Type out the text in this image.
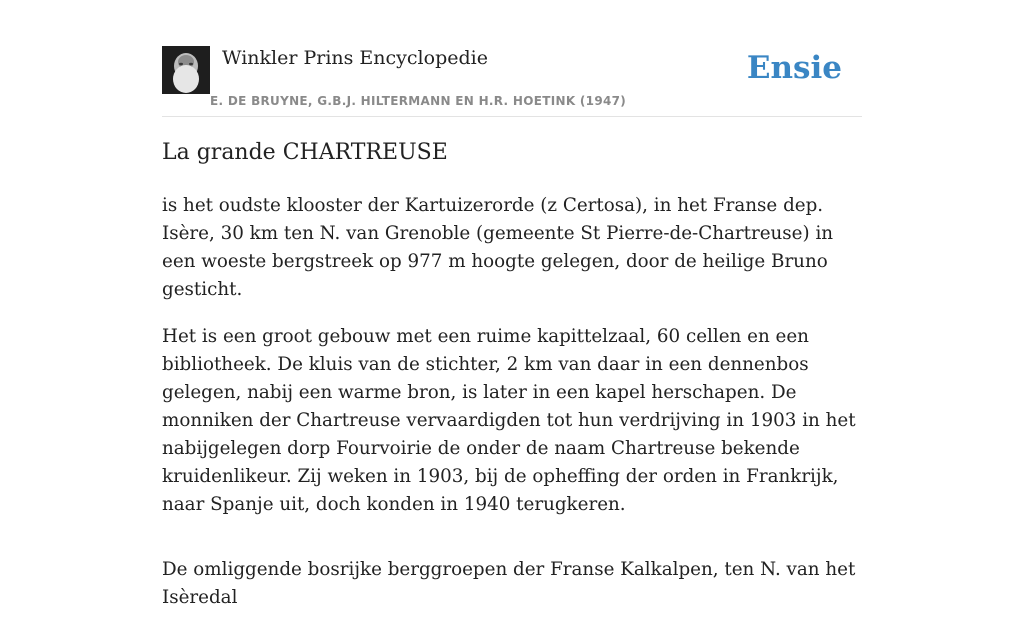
Winkler Prins Encyclopedie
E. DE BRUYNE, G.B.J. HILTERMANN EN H.R. HOETINK (1947)
Ensie
La grande CHARTREUSE

is het oudste klooster der Kartuizerorde (z Certosa), in het Franse dep. Isère, 30 km ten N. van Grenoble (gemeente St Pierre-de-Chartreuse) in een woeste bergstreek op 977 m hoogte gelegen, door de heilige Bruno gesticht.

Het is een groot gebouw met een ruime kapittelzaal, 60 cellen en een bibliotheek. De kluis van de stichter, 2 km van daar in een dennenbos gelegen, nabij een warme bron, is later in een kapel herschapen. De monniken der Chartreuse vervaardigden tot hun verdrijving in 1903 in het nabijgelegen dorp Fourvoirie de onder de naam Chartreuse bekende kruidenlikeur. Zij weken in 1903, bij de opheffing der orden in Frankrijk, naar Spanje uit, doch konden in 1940 terugkeren.

De omliggende bosrijke berggroepen der Franse Kalkalpen, ten N. van het Isèredal
